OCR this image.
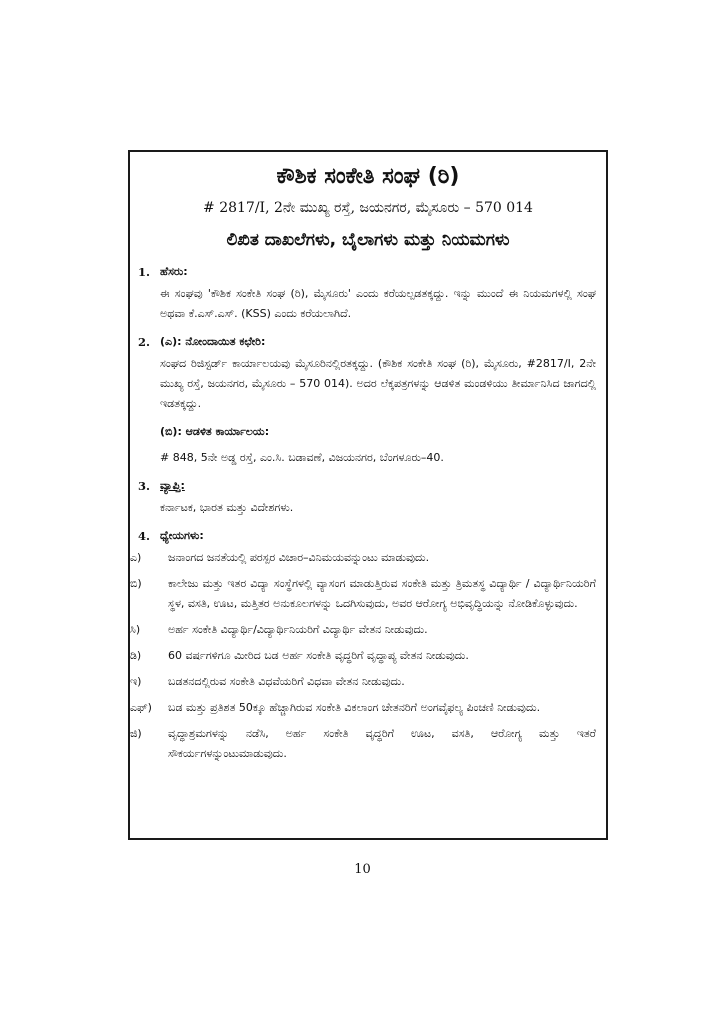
ಕೌಶಿಕ ಸಂಕೇತಿ ಸಂಘ (ರಿ)
# 2817/I, 2ನೇ ಮುಖ್ಯ ರಸ್ತೆ, ಜಯನಗರ, ಮೈಸೂರು – 570 014
ಲಿಖಿತ ದಾಖಲೆಗಳು, ಬೈಲಾಗಳು ಮತ್ತು ನಿಯಮಗಳು
1. ಹೆಸರು:

ಈ ಸಂಘವು 'ಕೌಶಿಕ ಸಂಕೇತಿ ಸಂಘ (ರಿ), ಮೈಸೂರು' ಎಂದು ಕರೆಯಲ್ಪಡತಕ್ಕದ್ದು. ಇನ್ನು ಮುಂದೆ ಈ ನಿಯಮಗಳಲ್ಲಿ ಸಂಘ ಅಥವಾ ಕೆ.ಎಸ್.ಎಸ್. (KSS) ಎಂದು ಕರೆಯಲಾಗಿದೆ.

2. (ಎ): ನೋಂದಾಯಿತ ಕಛೇರಿ:

ಸಂಘದ ರಿಜಿಸ್ಟರ್ಡ್ ಕಾರ್ಯಾಲಯವು ಮೈಸೂರಿನಲ್ಲಿರತಕ್ಕದ್ದು. (ಕೌಶಿಕ ಸಂಕೇತಿ ಸಂಘ (ರಿ), ಮೈಸೂರು, #2817/I, 2ನೇ ಮುಖ್ಯ ರಸ್ತೆ, ಜಯನಗರ, ಮೈಸೂರು – 570 014). ಅದರ ಲೆಕ್ಕಪತ್ರಗಳನ್ನು ಆಡಳಿತ ಮಂಡಳಿಯು ತೀರ್ಮಾನಿಸಿದ ಜಾಗದಲ್ಲಿ ಇಡತಕ್ಕದ್ದು.

(ಬಿ): ಆಡಳಿತ ಕಾರ್ಯಾಲಯ:

# 848, 5ನೇ ಅಡ್ಡ ರಸ್ತೆ, ಎಂ.ಸಿ. ಬಡಾವಣೆ, ವಿಜಯನಗರ, ಬೆಂಗಳೂರು–40.

3. ವ್ಯಾಪ್ತಿ:

ಕರ್ನಾಟಕ, ಭಾರತ ಮತ್ತು ವಿದೇಶಗಳು.

4. ಧ್ಯೇಯಗಳು:
ಎ)	ಜನಾಂಗದ ಜನತೆಯಲ್ಲಿ ಪರಸ್ಪರ ವಿಚಾರ–ವಿನಿಮಯವನ್ನುಂಟು ಮಾಡುವುದು.
ಬಿ)	ಕಾಲೇಜು ಮತ್ತು ಇತರ ವಿದ್ಯಾ ಸಂಸ್ಥೆಗಳಲ್ಲಿ ವ್ಯಾಸಂಗ ಮಾಡುತ್ತಿರುವ ಸಂಕೇತಿ ಮತ್ತು ತ್ರಿಮತಸ್ಥ ವಿದ್ಯಾರ್ಥಿ / ವಿದ್ಯಾರ್ಥಿನಿಯರಿಗೆ ಸ್ಥಳ, ವಸತಿ, ಊಟ, ಮತ್ತಿತರ ಅನುಕೂಲಗಳನ್ನು ಒದಗಿಸುವುದು, ಅವರ ಆರೋಗ್ಯ ಅಭಿವೃದ್ಧಿಯನ್ನು ನೋಡಿಕೊಳ್ಳುವುದು.
ಸಿ)	ಅರ್ಹ ಸಂಕೇತಿ ವಿದ್ಯಾರ್ಥಿ/ವಿದ್ಯಾರ್ಥಿನಿಯರಿಗೆ ವಿದ್ಯಾರ್ಥಿ ವೇತನ ನೀಡುವುದು.
ಡಿ)	60 ವರ್ಷಗಳಿಗೂ ಮೀರಿದ ಬಡ ಅರ್ಹ ಸಂಕೇತಿ ವೃದ್ಧರಿಗೆ ವೃದ್ಧಾಪ್ಯ ವೇತನ ನೀಡುವುದು.
ಇ)	ಬಡತನದಲ್ಲಿರುವ ಸಂಕೇತಿ ವಿಧವೆಯರಿಗೆ ವಿಧವಾ ವೇತನ ನೀಡುವುದು.
ಎಫ್)	ಬಡ ಮತ್ತು ಪ್ರತಿಶತ 50ಕ್ಕೂ ಹೆಚ್ಚಾಗಿರುವ ಸಂಕೇತಿ ವಿಕಲಾಂಗ ಚೇತನರಿಗೆ ಅಂಗವೈಫಲ್ಯ ಪಿಂಚಣಿ ನೀಡುವುದು.
ಜಿ)	ವೃದ್ಧಾಶ್ರಮಗಳನ್ನು ನಡೆಸಿ, ಅರ್ಹ ಸಂಕೇತಿ ವೃದ್ಧರಿಗೆ ಊಟ, ವಸತಿ, ಆರೋಗ್ಯ ಮತ್ತು ಇತರೆ ಸೌಕರ್ಯಗಳನ್ನುಂಟುಮಾಡುವುದು.
10
